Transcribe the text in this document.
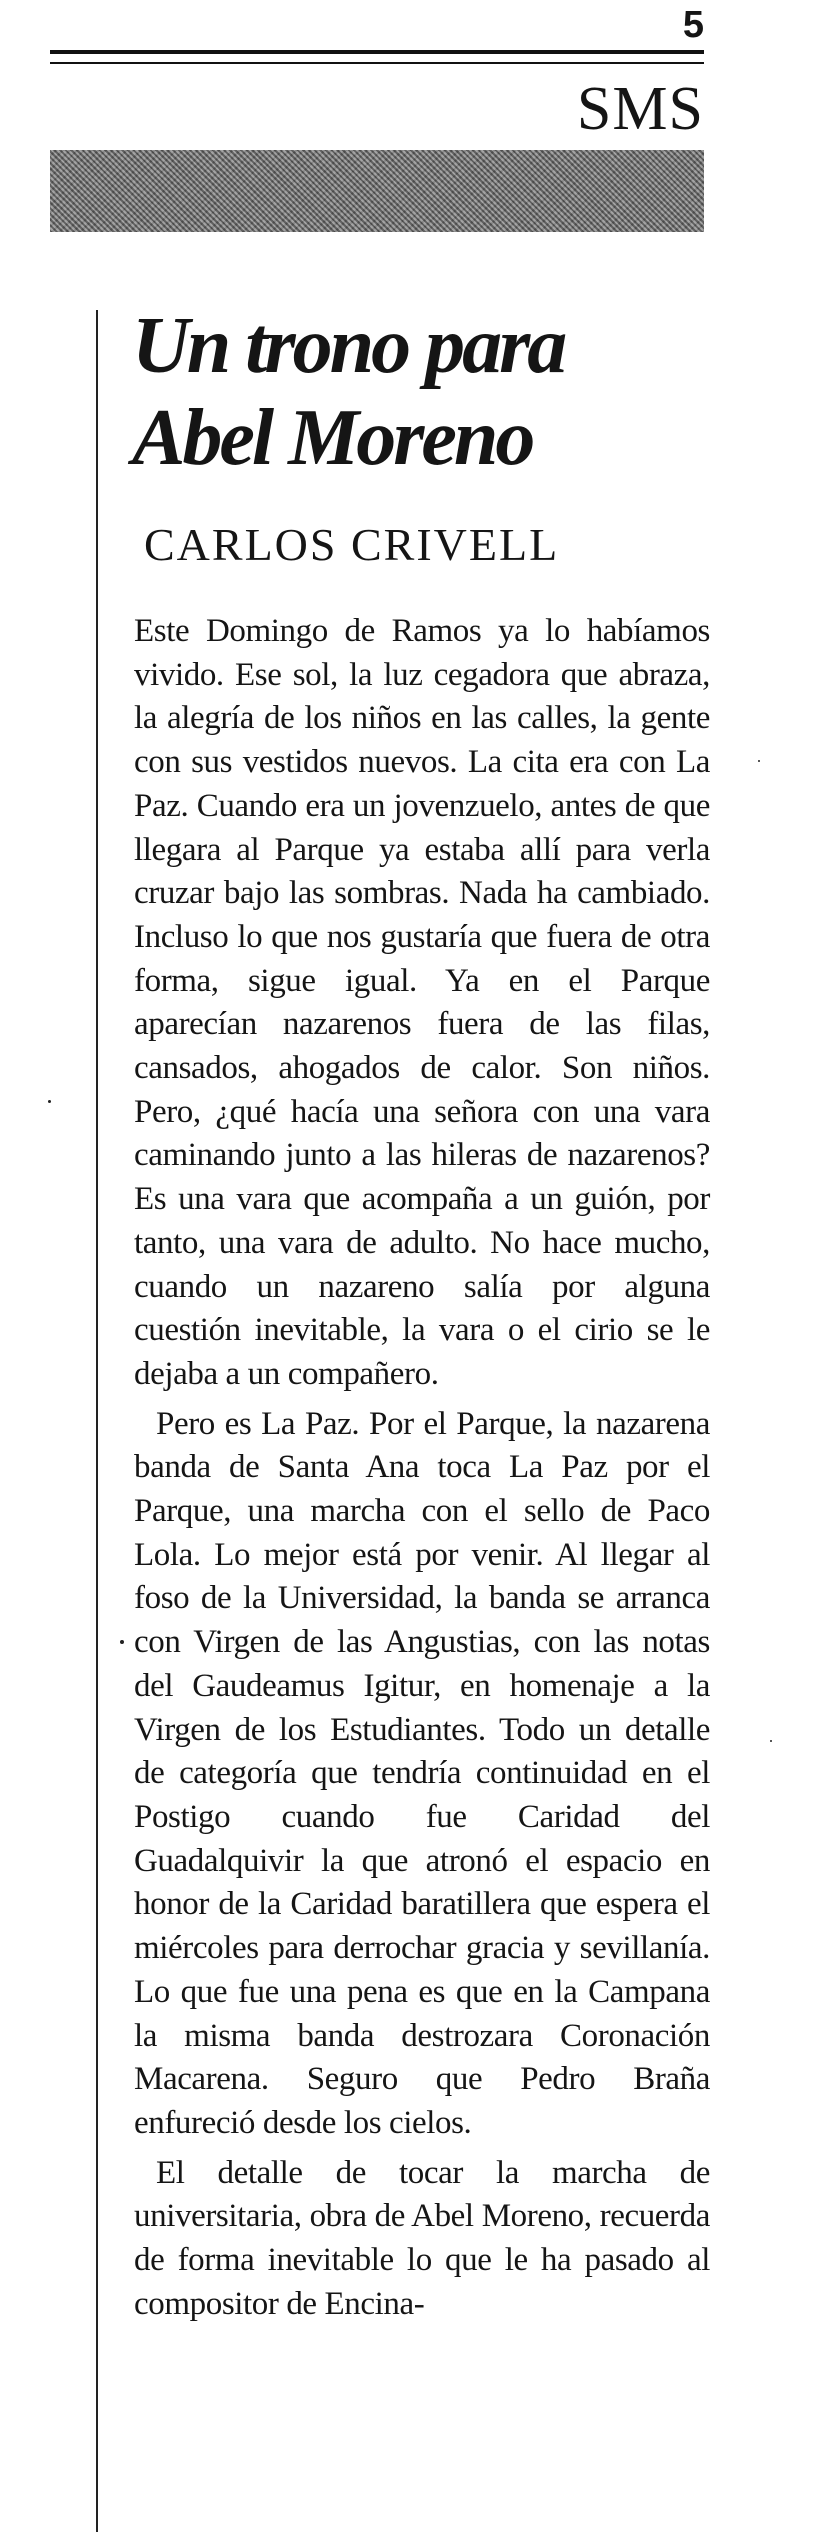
5
SMS
Un trono para
Abel Moreno
CARLOS CRIVELL

Este Domingo de Ramos ya lo habíamos vivido. Ese sol, la luz cegadora que abraza, la alegría de los niños en las calles, la gente con sus vestidos nuevos. La cita era con La Paz. Cuando era un jovenzuelo, antes de que llegara al Parque ya estaba allí para verla cruzar bajo las sombras. Nada ha cambiado. Incluso lo que nos gustaría que fuera de otra forma, sigue igual. Ya en el Parque aparecían nazarenos fuera de las filas, cansados, ahogados de calor. Son niños. Pero, ¿qué hacía una señora con una vara caminando junto a las hileras de nazarenos? Es una vara que acompaña a un guión, por tanto, una vara de adulto. No hace mucho, cuando un nazareno salía por alguna cuestión inevitable, la vara o el cirio se le dejaba a un compañero.

Pero es La Paz. Por el Parque, la nazarena banda de Santa Ana toca La Paz por el Parque, una marcha con el sello de Paco Lola. Lo mejor está por venir. Al llegar al foso de la Universidad, la banda se arranca con Virgen de las Angustias, con las notas del Gaudeamus Igitur, en homenaje a la Virgen de los Estudiantes. Todo un detalle de categoría que tendría continuidad en el Postigo cuando fue Caridad del Guadalquivir la que atronó el espacio en honor de la Caridad baratillera que espera el miércoles para derrochar gracia y sevillanía. Lo que fue una pena es que en la Campana la misma banda destrozara Coronación Macarena. Seguro que Pedro Braña enfureció desde los cielos.

El detalle de tocar la marcha de universitaria, obra de Abel Moreno, recuerda de forma inevitable lo que le ha pasado al compositor de Encina-
